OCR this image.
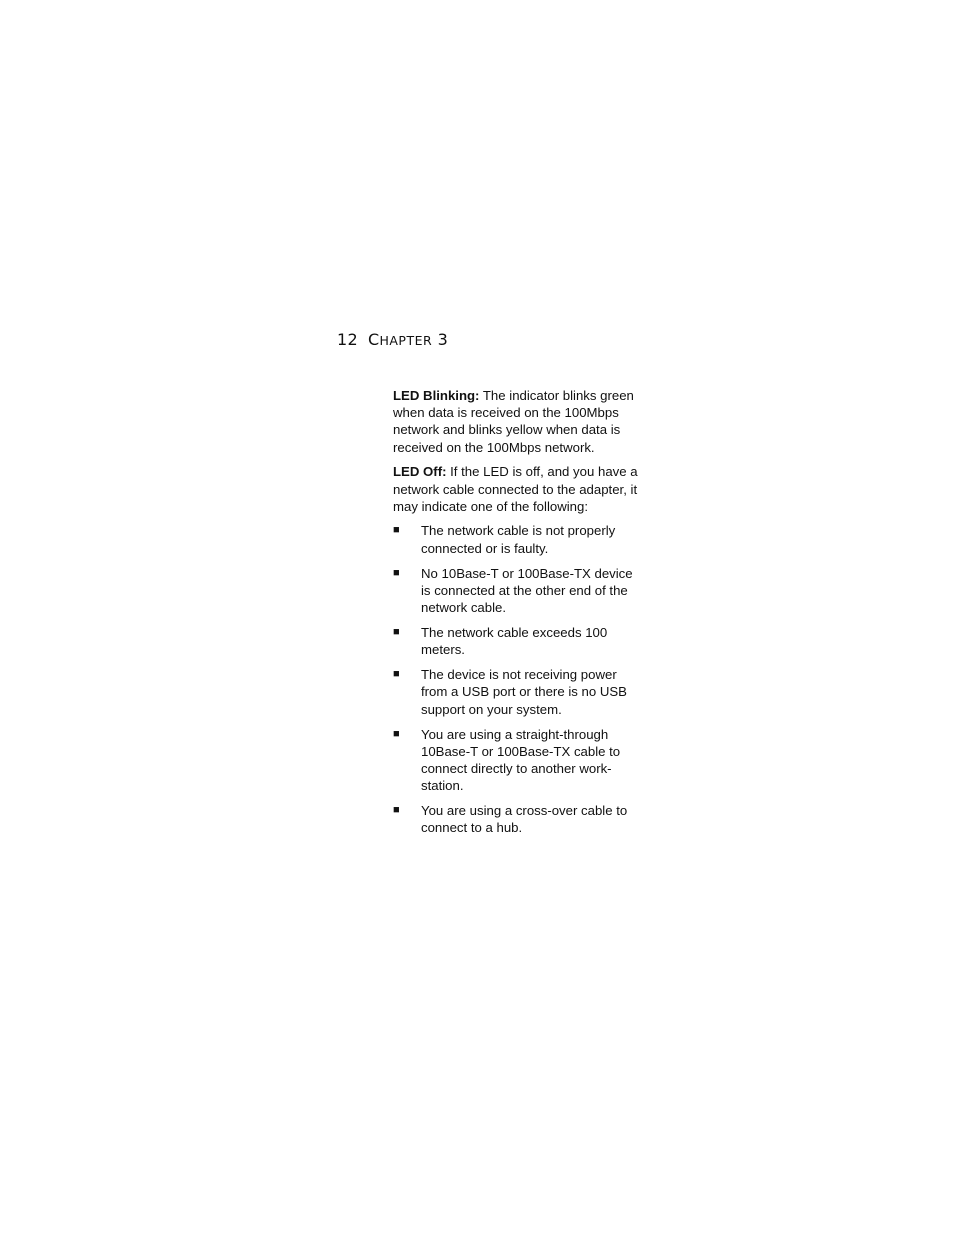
12 CHAPTER 3

LED Blinking: The indicator blinks green when data is received on the 100Mbps network and blinks yellow when data is received on the 100Mbps network.

LED Off: If the LED is off, and you have a network cable connected to the adapter, it may indicate one of the following:

■ The network cable is not properly connected or is faulty.
■ No 10Base-T or 100Base-TX device is connected at the other end of the network cable.
■ The network cable exceeds 100 meters.
■ The device is not receiving power from a USB port or there is no USB support on your system.
■ You are using a straight-through 10Base-T or 100Base-TX cable to connect directly to another work-station.
■ You are using a cross-over cable to connect to a hub.
